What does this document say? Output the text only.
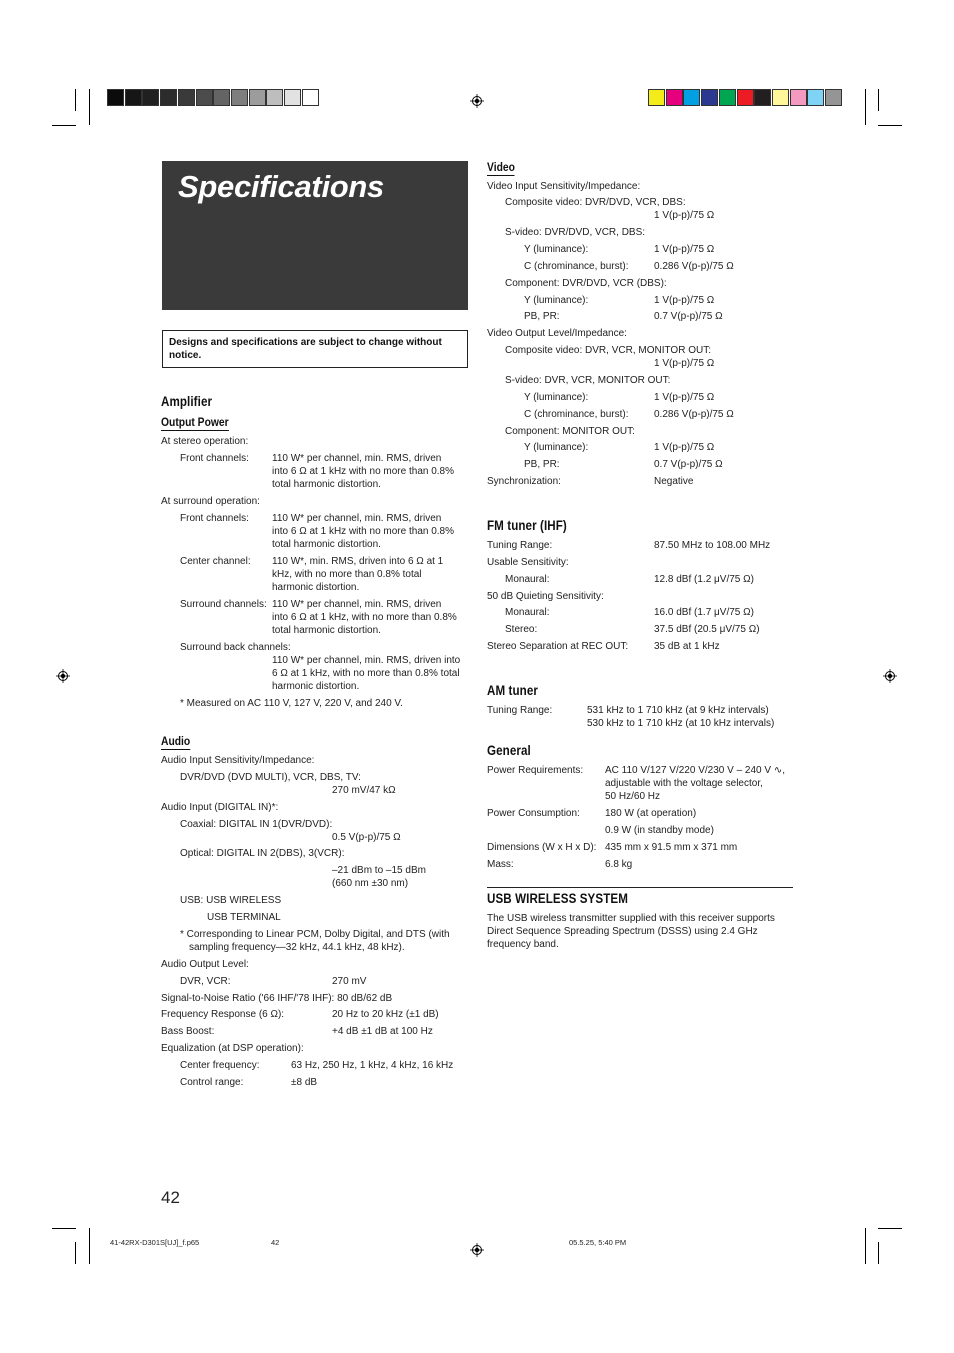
Specifications
Designs and specifications are subject to change without notice.
Amplifier
Output Power
At stereo operation:
Front channels: 110 W* per channel, min. RMS, driven
into 6 Ω at 1 kHz with no more than 0.8%
total harmonic distortion.
At surround operation:
Front channels: 110 W* per channel, min. RMS, driven
into 6 Ω at 1 kHz with no more than 0.8%
total harmonic distortion.
Center channel: 110 W*, min. RMS, driven into 6 Ω at 1
kHz, with no more than 0.8% total
harmonic distortion.
Surround channels: 110 W* per channel, min. RMS, driven
into 6 Ω at 1 kHz, with no more than 0.8%
total harmonic distortion.
Surround back channels:
110 W* per channel, min. RMS, driven into
6 Ω at 1 kHz, with no more than 0.8% total
harmonic distortion.
* Measured on AC 110 V, 127 V, 220 V, and 240 V.
Audio
Audio Input Sensitivity/Impedance:
DVR/DVD (DVD MULTI), VCR, DBS, TV:
270 mV/47 kΩ
Audio Input (DIGITAL IN)*:
Coaxial: DIGITAL IN 1(DVR/DVD):
0.5 V(p-p)/75 Ω
Optical: DIGITAL IN 2(DBS), 3(VCR):
–21 dBm to –15 dBm
(660 nm ±30 nm)
USB: USB WIRELESS
USB TERMINAL
* Corresponding to Linear PCM, Dolby Digital, and DTS (with
sampling frequency—32 kHz, 44.1 kHz, 48 kHz).
Audio Output Level:
DVR, VCR:	270 mV
Signal-to-Noise Ratio ('66 IHF/'78 IHF): 80 dB/62 dB
Frequency Response (6 Ω):	20 Hz to 20 kHz (±1 dB)
Bass Boost:	+4 dB ±1 dB at 100 Hz
Equalization (at DSP operation):
Center frequency:	63 Hz, 250 Hz, 1 kHz, 4 kHz, 16 kHz
Control range:	±8 dB
Video
Video Input Sensitivity/Impedance:
Composite video: DVR/DVD, VCR, DBS:
1 V(p-p)/75 Ω
S-video: DVR/DVD, VCR, DBS:
Y (luminance):	1 V(p-p)/75 Ω
C (chrominance, burst):	0.286 V(p-p)/75 Ω
Component: DVR/DVD, VCR (DBS):
Y (luminance):	1 V(p-p)/75 Ω
PB, PR:	0.7 V(p-p)/75 Ω
Video Output Level/Impedance:
Composite video: DVR, VCR, MONITOR OUT:
1 V(p-p)/75 Ω
S-video: DVR, VCR, MONITOR OUT:
Y (luminance):	1 V(p-p)/75 Ω
C (chrominance, burst):	0.286 V(p-p)/75 Ω
Component: MONITOR OUT:
Y (luminance):	1 V(p-p)/75 Ω
PB, PR:	0.7 V(p-p)/75 Ω
Synchronization:	Negative
FM tuner (IHF)
Tuning Range:	87.50 MHz to 108.00 MHz
Usable Sensitivity:
Monaural:	12.8 dBf (1.2 μV/75 Ω)
50 dB Quieting Sensitivity:
Monaural:	16.0 dBf (1.7 μV/75 Ω)
Stereo:	37.5 dBf (20.5 μV/75 Ω)
Stereo Separation at REC OUT:	35 dB at 1 kHz
AM tuner
Tuning Range:	531 kHz to 1 710 kHz (at 9 kHz intervals)
530 kHz to 1 710 kHz (at 10 kHz intervals)
General
Power Requirements: AC 110 V/127 V/220 V/230 V – 240 V ∿,
adjustable with the voltage selector,
50 Hz/60 Hz
Power Consumption:	180 W (at operation)
0.9 W (in standby mode)
Dimensions (W x H x D): 435 mm x 91.5 mm x 371 mm
Mass:	6.8 kg
USB WIRELESS SYSTEM
The USB wireless transmitter supplied with this receiver supports
Direct Sequence Spreading Spectrum (DSSS) using 2.4 GHz
frequency band.
42
41-42RX-D301S[UJ]_f.p65	42	05.5.25, 5:40 PM
